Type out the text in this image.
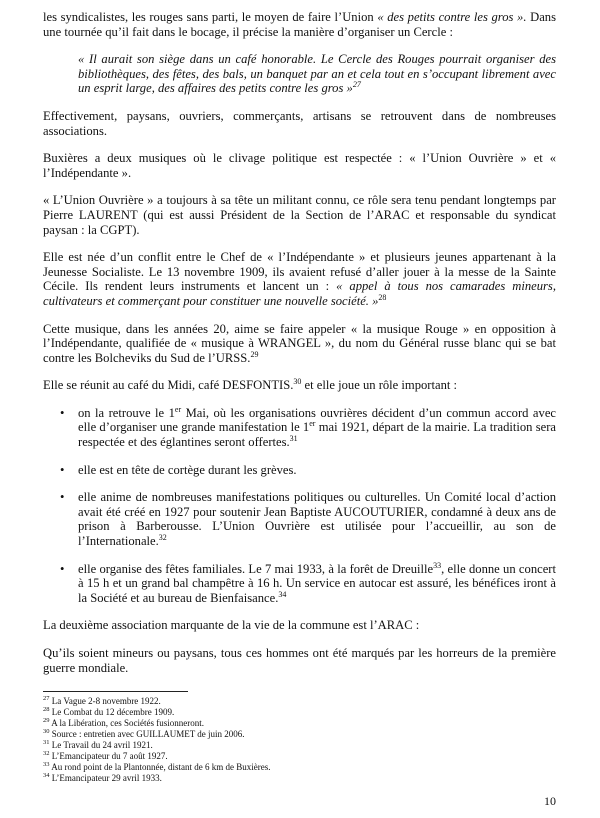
les syndicalistes, les rouges sans parti, le moyen de faire l’Union « des petits contre les gros ». Dans une tournée qu’il fait dans le bocage, il précise la manière d’organiser un Cercle :

« Il aurait son siège dans un café honorable. Le Cercle des Rouges pourrait organiser des bibliothèques, des fêtes, des bals, un banquet par an et cela tout en s’occupant librement avec un esprit large, des affaires des petits contre les gros »$^{27}$

Effectivement, paysans, ouvriers, commerçants, artisans se retrouvent dans de nombreuses associations.

Buxières a deux musiques où le clivage politique est respectée : « l’Union Ouvrière » et « l’Indépendante ».

« L’Union Ouvrière » a toujours à sa tête un militant connu, ce rôle sera tenu pendant longtemps par Pierre LAURENT (qui est aussi Président de la Section de l’ARAC et responsable du syndicat paysan : la CGPT).

Elle est née d’un conflit entre le Chef de « l’Indépendante » et plusieurs jeunes appartenant à la Jeunesse Socialiste. Le 13 novembre 1909, ils avaient refusé d’aller jouer à la messe de la Sainte Cécile. Ils rendent leurs instruments et lancent un : « appel à tous nos camarades mineurs, cultivateurs et commerçant pour constituer une nouvelle société. »$^{28}$

Cette musique, dans les années 20, aime se faire appeler « la musique Rouge » en opposition à l’Indépendante, qualifiée de « musique à WRANGEL », du nom du Général russe blanc qui se bat contre les Bolcheviks du Sud de l’URSS.$^{29}$

Elle se réunit au café du Midi, café DESFONTIS.$^{30}$ et elle joue un rôle important :

• on la retrouve le 1er Mai, où les organisations ouvrières décident d’un commun accord avec elle d’organiser une grande manifestation le 1er mai 1921, départ de la mairie. La tradition sera respectée et des églantines seront offertes.$^{31}$
• elle est en tête de cortège durant les grèves.
• elle anime de nombreuses manifestations politiques ou culturelles. Un Comité local d’action avait été créé en 1927 pour soutenir Jean Baptiste AUCOUTURIER, condamné à deux ans de prison à Barberousse. L’Union Ouvrière est utilisée pour l’accueillir, au son de l’Internationale.$^{32}$
• elle organise des fêtes familiales. Le 7 mai 1933, à la forêt de Dreuille$^{33}$, elle donne un concert à 15 h et un grand bal champêtre à 16 h. Un service en autocar est assuré, les bénéfices iront à la Société et au bureau de Bienfaisance.$^{34}$

La deuxième association marquante de la vie de la commune est l’ARAC :

Qu’ils soient mineurs ou paysans, tous ces hommes ont été marqués par les horreurs de la première guerre mondiale.

$^{27}$ La Vague 2-8 novembre 1922.
$^{28}$ Le Combat du 12 décembre 1909.
$^{29}$ A la Libération, ces Sociétés fusionneront.
$^{30}$ Source : entretien avec GUILLAUMET de juin 2006.
$^{31}$ Le Travail du 24 avril 1921.
$^{32}$ L’Emancipateur du 7 août 1927.
$^{33}$ Au rond point de la Plantonnée, distant de 6 km de Buxières.
$^{34}$ L’Emancipateur 29 avril 1933.
10
